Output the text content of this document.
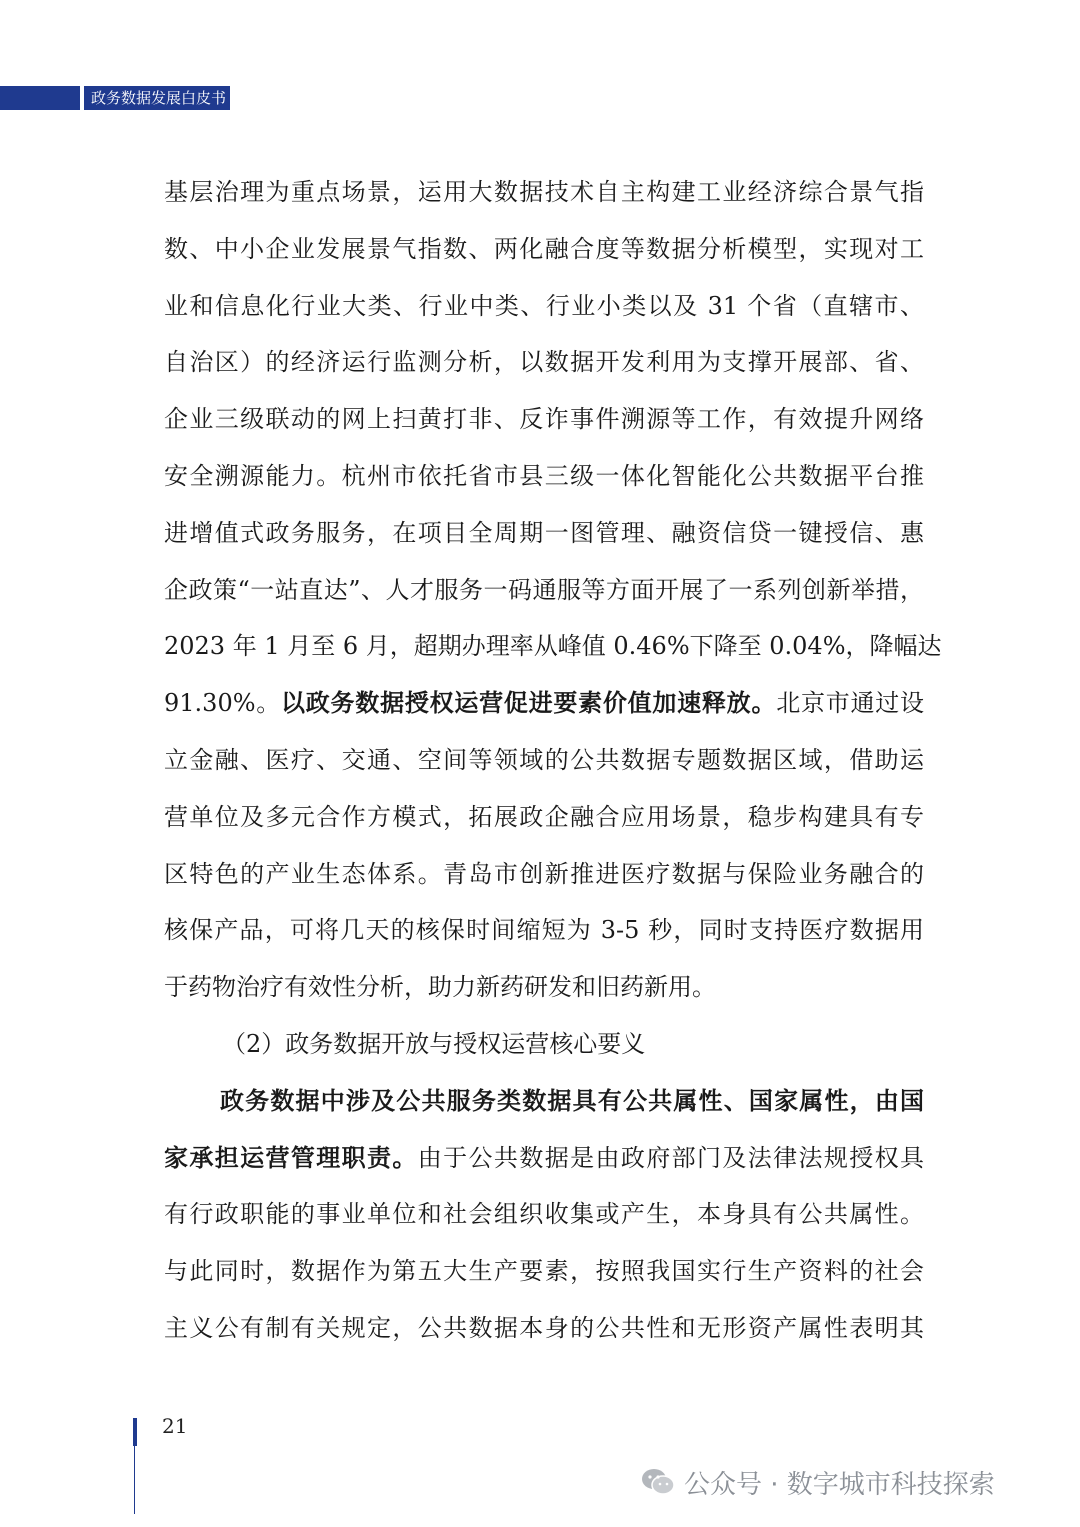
政务数据发展白皮书
基层治理为重点场景，运用大数据技术自主构建工业经济综合景气指
数、中小企业发展景气指数、两化融合度等数据分析模型，实现对工
业和信息化行业大类、行业中类、行业小类以及 31 个省（直辖市、
自治区）的经济运行监测分析，以数据开发利用为支撑开展部、省、
企业三级联动的网上扫黄打非、反诈事件溯源等工作，有效提升网络
安全溯源能力。杭州市依托省市县三级一体化智能化公共数据平台推
进增值式政务服务，在项目全周期一图管理、融资信贷一键授信、惠
企政策“一站直达”、人才服务一码通服等方面开展了一系列创新举措，
2023 年 1 月至 6 月，超期办理率从峰值 0.46%下降至 0.04%，降幅达
91.30%。以政务数据授权运营促进要素价值加速释放。北京市通过设
立金融、医疗、交通、空间等领域的公共数据专题数据区域，借助运
营单位及多元合作方模式，拓展政企融合应用场景，稳步构建具有专
区特色的产业生态体系。青岛市创新推进医疗数据与保险业务融合的
核保产品，可将几天的核保时间缩短为 3-5 秒，同时支持医疗数据用
于药物治疗有效性分析，助力新药研发和旧药新用。
（2）政务数据开放与授权运营核心要义
政务数据中涉及公共服务类数据具有公共属性、国家属性，由国
家承担运营管理职责。由于公共数据是由政府部门及法律法规授权具
有行政职能的事业单位和社会组织收集或产生，本身具有公共属性。
与此同时，数据作为第五大生产要素，按照我国实行生产资料的社会
主义公有制有关规定，公共数据本身的公共性和无形资产属性表明其
21
公众号 · 数字城市科技探索
